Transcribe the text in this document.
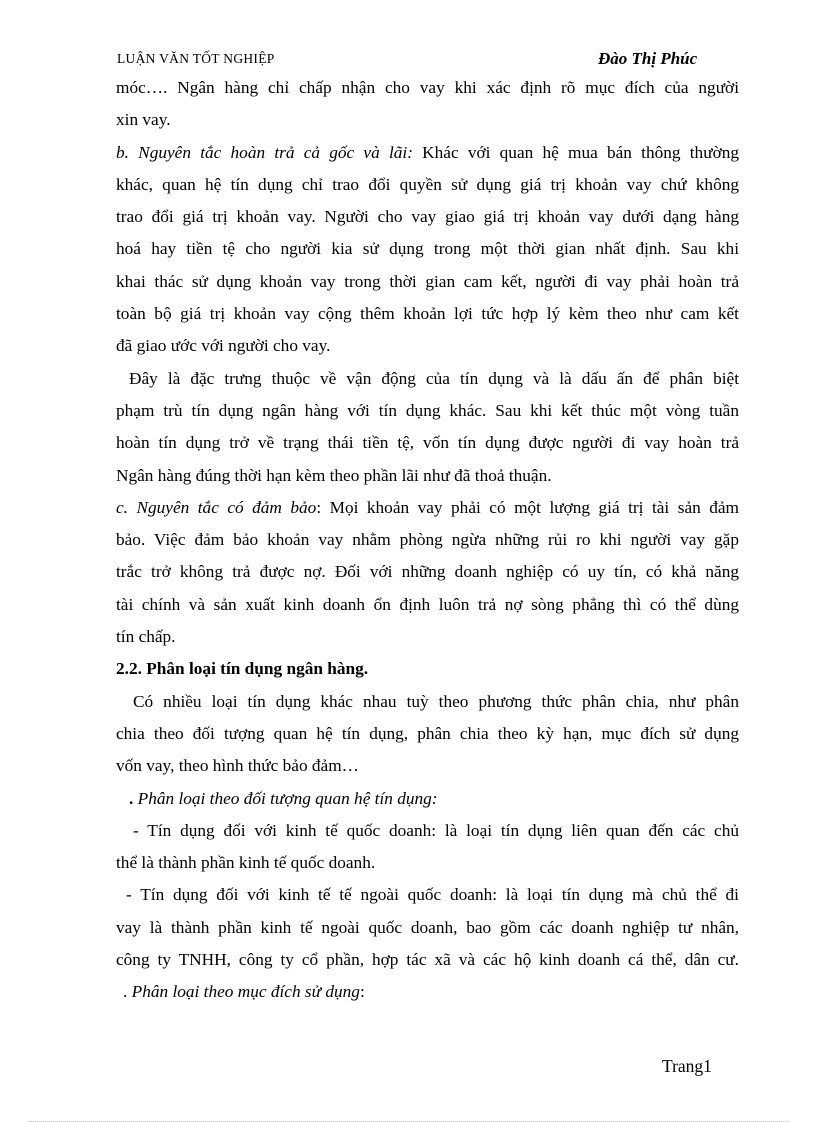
LUẬN VĂN TỐT NGHIỆP	Đào Thị Phúc

móc…. Ngân hàng chỉ chấp nhận cho vay khi xác định rõ mục đích của người
xin vay.

b. Nguyên tắc hoàn trả cả gốc và lãi: Khác với quan hệ mua bán thông thường
khác, quan hệ tín dụng chỉ trao đổi quyền sử dụng giá trị khoản vay chứ không
trao đổi giá trị khoản vay. Người cho vay giao giá trị khoản vay dưới dạng hàng
hoá hay tiền tệ cho người kia sử dụng trong một thời gian nhất định. Sau khi
khai thác sử dụng khoản vay trong thời gian cam kết, người đi vay phải hoàn trả
toàn bộ giá trị khoản vay cộng thêm khoản lợi tức hợp lý kèm theo như cam kết
đã giao ước với người cho vay.

Đây là đặc trưng thuộc về vận động của tín dụng và là dấu ấn để phân biệt
phạm trù tín dụng ngân hàng với tín dụng khác. Sau khi kết thúc một vòng tuần
hoàn tín dụng trở về trạng thái tiền tệ, vốn tín dụng được người đi vay hoàn trả
Ngân hàng đúng thời hạn kèm theo phần lãi như đã thoả thuận.

c. Nguyên tắc có đảm bảo: Mọi khoản vay phải có một lượng giá trị tài sản đảm
bảo. Việc đảm bảo khoản vay nhằm phòng ngừa những rủi ro khi người vay gặp
trắc trở không trả được nợ. Đối với những doanh nghiệp có uy tín, có khả năng
tài chính và sản xuất kinh doanh ổn định luôn trả nợ sòng phẳng thì có thể dùng
tín chấp.

2.2. Phân loại tín dụng ngân hàng.

Có nhiều loại tín dụng khác nhau tuỳ theo phương thức phân chia, như phân
chia theo đối tượng quan hệ tín dụng, phân chia theo kỳ hạn, mục đích sử dụng
vốn vay, theo hình thức bảo đảm…

. Phân loại theo đối tượng quan hệ tín dụng:

- Tín dụng đối với kinh tế quốc doanh: là loại tín dụng liên quan đến các chủ
thể là thành phần kinh tế quốc doanh.

- Tín dụng đối với kinh tế tế ngoài quốc doanh: là loại tín dụng mà chủ thể đi
vay là thành phần kinh tế ngoài quốc doanh, bao gồm các doanh nghiệp tư nhân,
công ty TNHH, công ty cổ phần, hợp tác xã và các hộ kinh doanh cá thể, dân cư.

. Phân loại theo mục đích sử dụng:

Trang1
